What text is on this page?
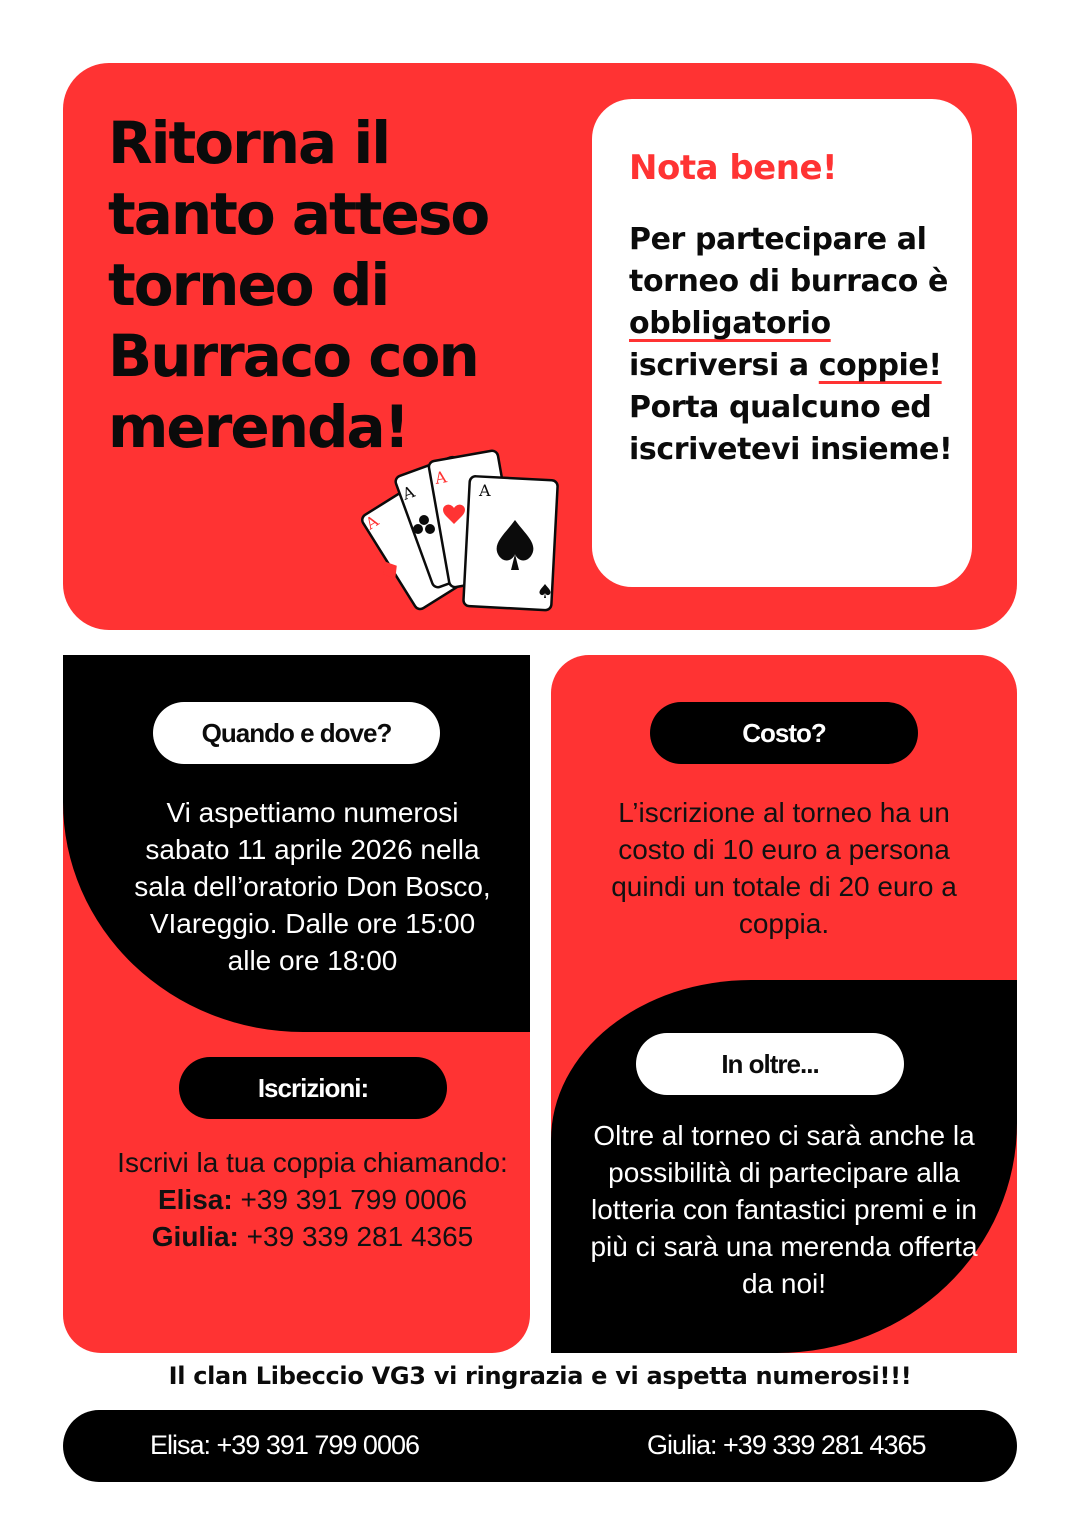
Ritorna il tanto atteso torneo di Burraco con merenda!
Nota bene!

Per partecipare al torneo di burraco è
obbligatorio
iscriversi a coppie!
Porta qualcuno ed iscrivetevi insieme!

A
A
A
A
Quando e dove?

Vi aspettiamo numerosi sabato 11 aprile 2026 nella sala dell’oratorio Don Bosco, VIareggio. Dalle ore 15:00 alle ore 18:00

Iscrizioni:

Iscrivi la tua coppia chiamando:
Elisa: +39 391 799 0006
Giulia: +39 339 281 4365

Costo?

L’iscrizione al torneo ha un costo di 10 euro a persona quindi un totale di 20 euro a coppia.

In oltre...

Oltre al torneo ci sarà anche la possibilità di partecipare alla lotteria con fantastici premi e in più ci sarà una merenda offerta da noi!

Il clan Libeccio VG3 vi ringrazia e vi aspetta numerosi!!!

Elisa: +39 391 799 0006	Giulia: +39 339 281 4365
